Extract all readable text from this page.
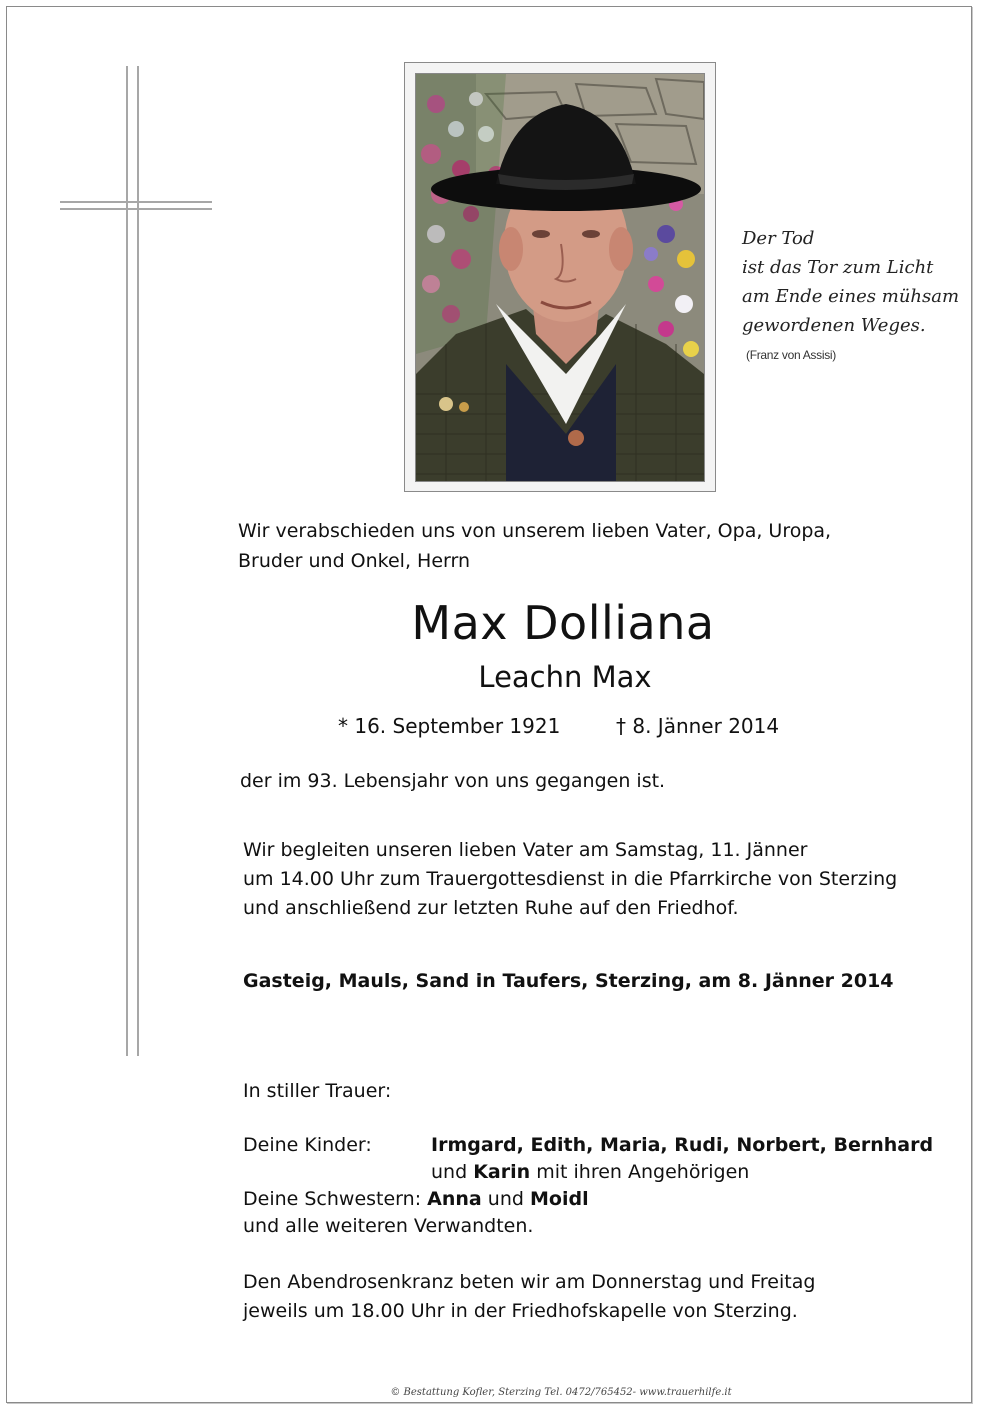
Der Tod
ist das Tor zum Licht
am Ende eines mühsam
gewordenen Weges.
(Franz von Assisi)
Wir verabschieden uns von unserem lieben Vater, Opa, Uropa,
Bruder und Onkel, Herrn
Max Dolliana
Leachn Max
* 16. September 1921	† 8. Jänner 2014
der im 93. Lebensjahr von uns gegangen ist.
Wir begleiten unseren lieben Vater am Samstag, 11. Jänner
um 14.00 Uhr zum Trauergottesdienst in die Pfarrkirche von Sterzing
und anschließend zur letzten Ruhe auf den Friedhof.
Gasteig, Mauls, Sand in Taufers, Sterzing, am 8. Jänner 2014
In stiller Trauer:
Deine Kinder:	Irmgard, Edith, Maria, Rudi, Norbert, Bernhard
und Karin mit ihren Angehörigen
Deine Schwestern: Anna und Moidl
und alle weiteren Verwandten.
Den Abendrosenkranz beten wir am Donnerstag und Freitag
jeweils um 18.00 Uhr in der Friedhofskapelle von Sterzing.
© Bestattung Kofler, Sterzing Tel. 0472/765452- www.trauerhilfe.it
